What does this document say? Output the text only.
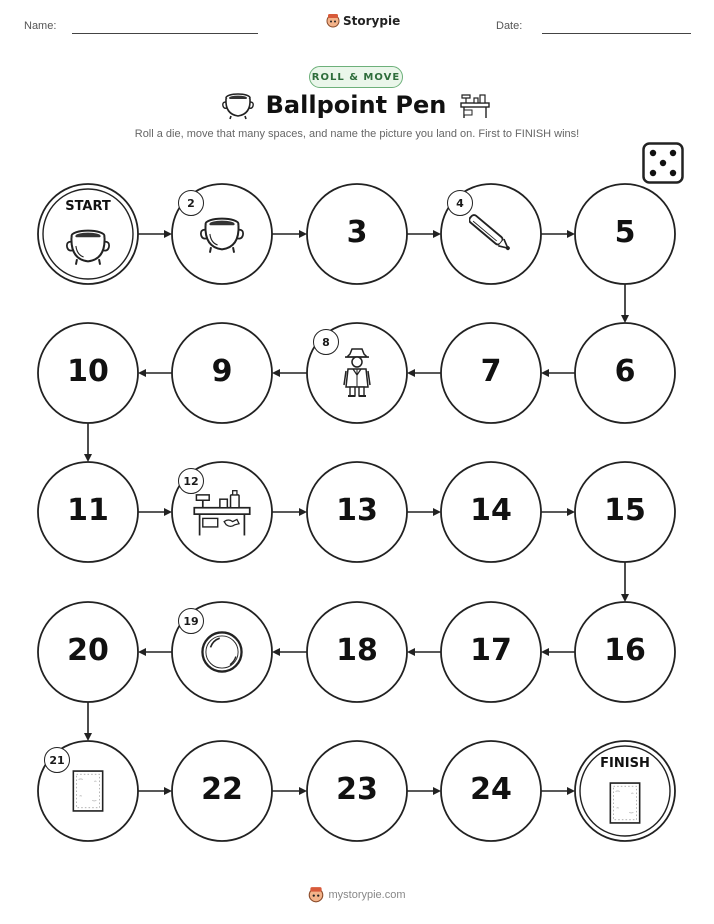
Name:	Storypie	Date:
ROLL & MOVE
Ballpoint Pen
Roll a die, move that many spaces, and name the picture you land on. First to FINISH wins!
START	2
3
4
5
6
7
8
9
10
11
12
13	14	15
16
17
18
19
20
21
22	23	24
FINISH
mystorypie.com
